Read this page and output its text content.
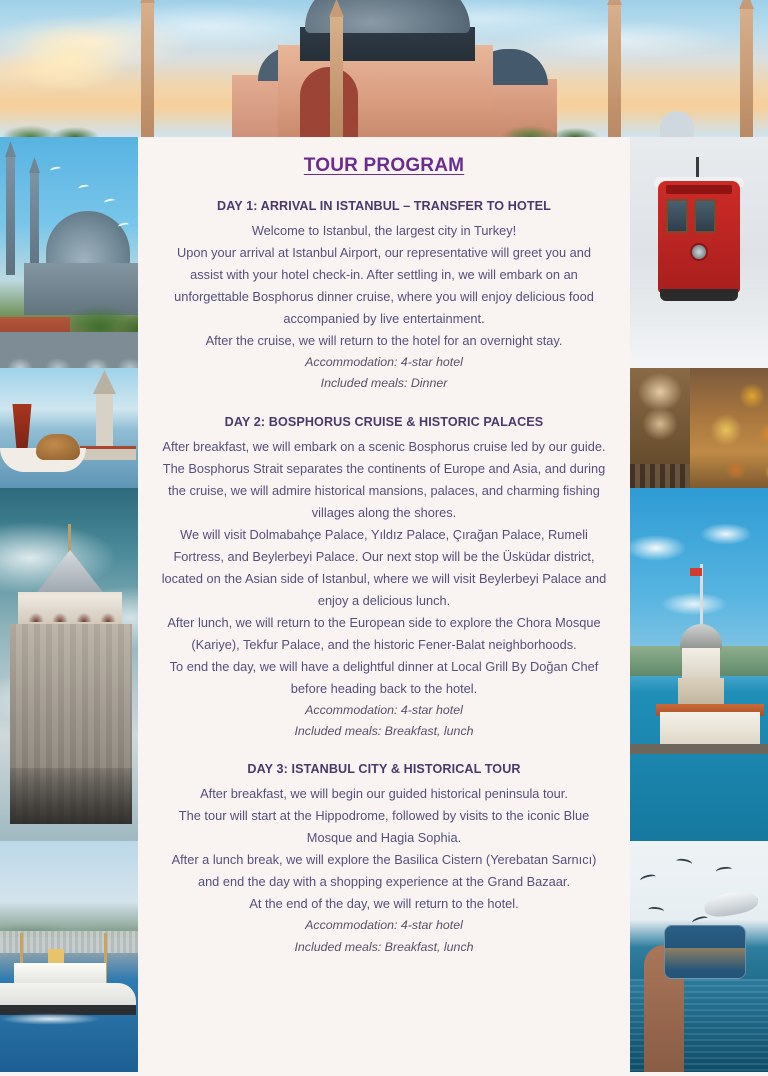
TOUR PROGRAM
DAY 1: ARRIVAL IN ISTANBUL – TRANSFER TO HOTEL
Welcome to Istanbul, the largest city in Turkey!
Upon your arrival at Istanbul Airport, our representative will greet you and assist with your hotel check-in. After settling in, we will embark on an unforgettable Bosphorus dinner cruise, where you will enjoy delicious food accompanied by live entertainment.
After the cruise, we will return to the hotel for an overnight stay.
Accommodation: 4-star hotel
Included meals: Dinner
DAY 2: BOSPHORUS CRUISE & HISTORIC PALACES
After breakfast, we will embark on a scenic Bosphorus cruise led by our guide. The Bosphorus Strait separates the continents of Europe and Asia, and during the cruise, we will admire historical mansions, palaces, and charming fishing villages along the shores.
We will visit Dolmabahçe Palace, Yıldız Palace, Çırağan Palace, Rumeli Fortress, and Beylerbeyi Palace. Our next stop will be the Üsküdar district, located on the Asian side of Istanbul, where we will visit Beylerbeyi Palace and enjoy a delicious lunch.
After lunch, we will return to the European side to explore the Chora Mosque (Kariye), Tekfur Palace, and the historic Fener-Balat neighborhoods.
To end the day, we will have a delightful dinner at Local Grill By Doğan Chef before heading back to the hotel.
Accommodation: 4-star hotel
Included meals: Breakfast, lunch
DAY 3: ISTANBUL CITY & HISTORICAL TOUR
After breakfast, we will begin our guided historical peninsula tour.
The tour will start at the Hippodrome, followed by visits to the iconic Blue Mosque and Hagia Sophia.
After a lunch break, we will explore the Basilica Cistern (Yerebatan Sarnıcı) and end the day with a shopping experience at the Grand Bazaar.
At the end of the day, we will return to the hotel.
Accommodation: 4-star hotel
Included meals: Breakfast, lunch
